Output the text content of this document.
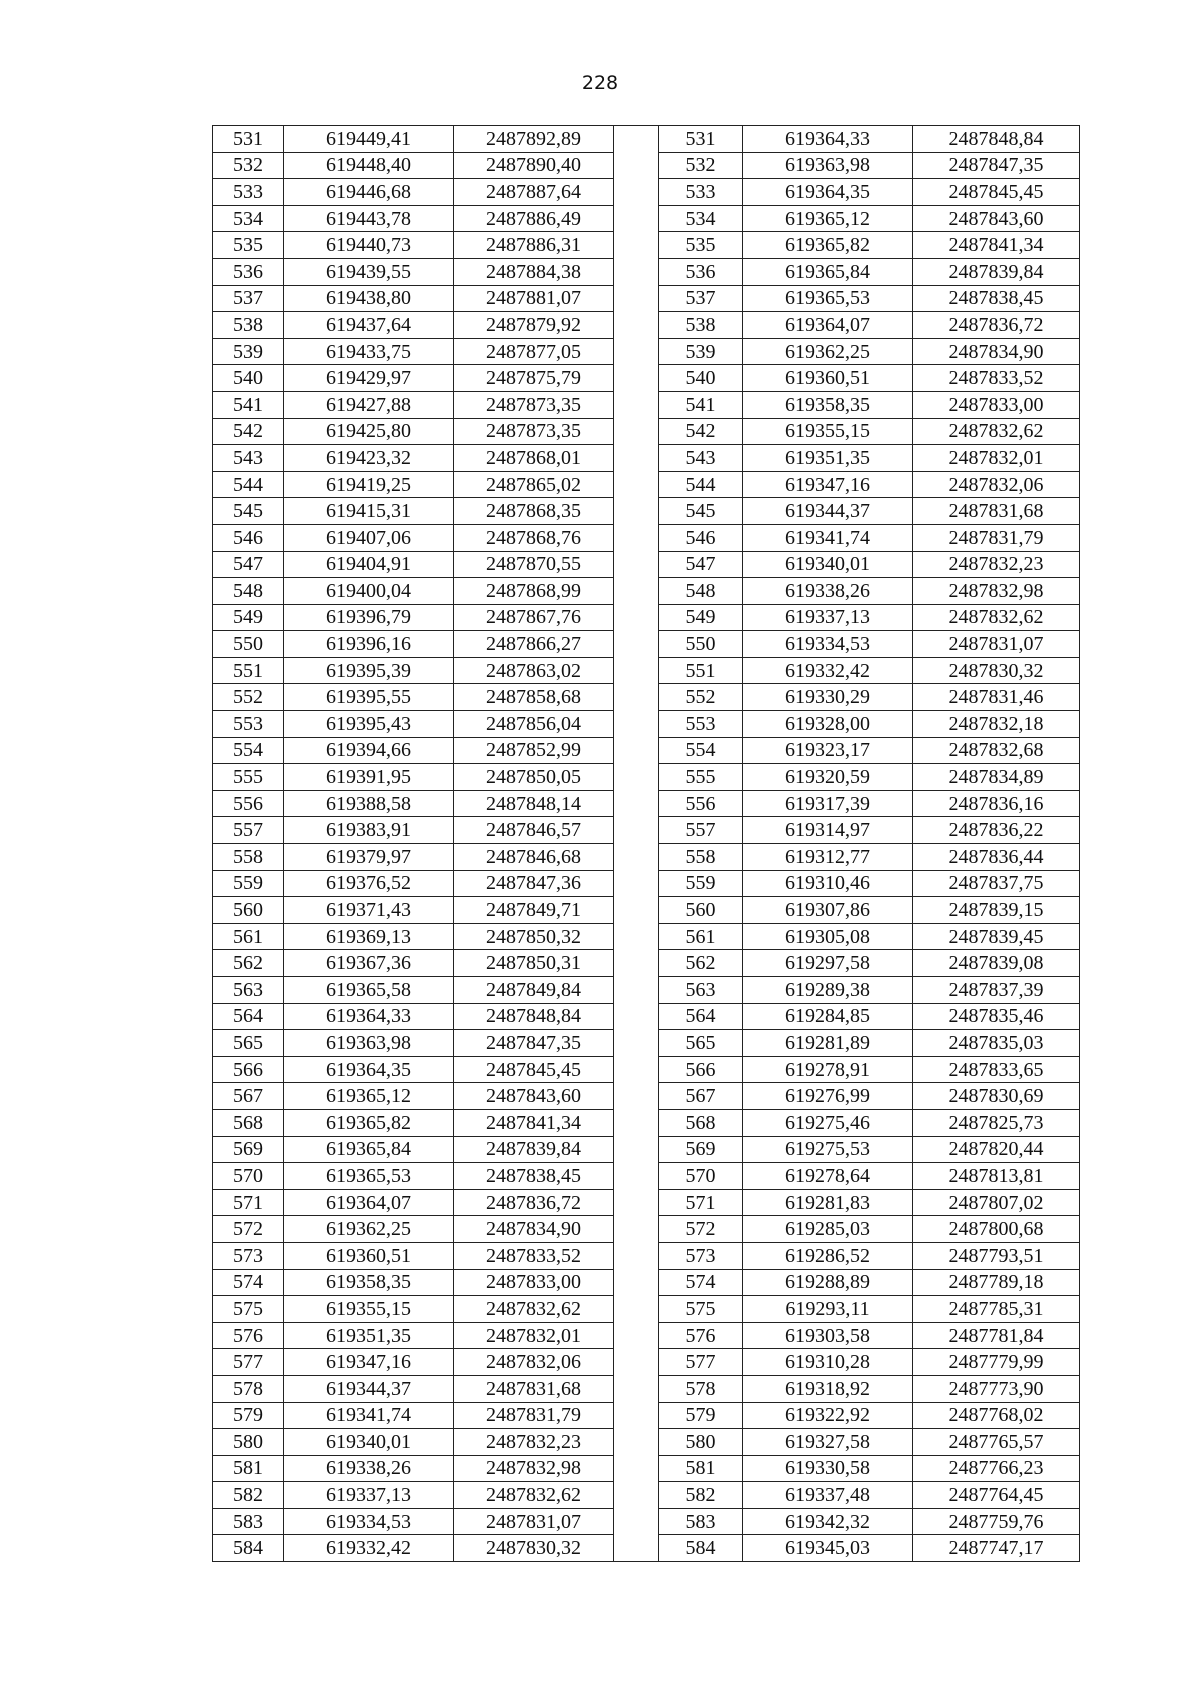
228
531	619449,41	2487892,89		531	619364,33	2487848,84
532	619448,40	2487890,40		532	619363,98	2487847,35
533	619446,68	2487887,64		533	619364,35	2487845,45
534	619443,78	2487886,49		534	619365,12	2487843,60
535	619440,73	2487886,31		535	619365,82	2487841,34
536	619439,55	2487884,38		536	619365,84	2487839,84
537	619438,80	2487881,07		537	619365,53	2487838,45
538	619437,64	2487879,92		538	619364,07	2487836,72
539	619433,75	2487877,05		539	619362,25	2487834,90
540	619429,97	2487875,79		540	619360,51	2487833,52
541	619427,88	2487873,35		541	619358,35	2487833,00
542	619425,80	2487873,35		542	619355,15	2487832,62
543	619423,32	2487868,01		543	619351,35	2487832,01
544	619419,25	2487865,02		544	619347,16	2487832,06
545	619415,31	2487868,35		545	619344,37	2487831,68
546	619407,06	2487868,76		546	619341,74	2487831,79
547	619404,91	2487870,55		547	619340,01	2487832,23
548	619400,04	2487868,99		548	619338,26	2487832,98
549	619396,79	2487867,76		549	619337,13	2487832,62
550	619396,16	2487866,27		550	619334,53	2487831,07
551	619395,39	2487863,02		551	619332,42	2487830,32
552	619395,55	2487858,68		552	619330,29	2487831,46
553	619395,43	2487856,04		553	619328,00	2487832,18
554	619394,66	2487852,99		554	619323,17	2487832,68
555	619391,95	2487850,05		555	619320,59	2487834,89
556	619388,58	2487848,14		556	619317,39	2487836,16
557	619383,91	2487846,57		557	619314,97	2487836,22
558	619379,97	2487846,68		558	619312,77	2487836,44
559	619376,52	2487847,36		559	619310,46	2487837,75
560	619371,43	2487849,71		560	619307,86	2487839,15
561	619369,13	2487850,32		561	619305,08	2487839,45
562	619367,36	2487850,31		562	619297,58	2487839,08
563	619365,58	2487849,84		563	619289,38	2487837,39
564	619364,33	2487848,84		564	619284,85	2487835,46
565	619363,98	2487847,35		565	619281,89	2487835,03
566	619364,35	2487845,45		566	619278,91	2487833,65
567	619365,12	2487843,60		567	619276,99	2487830,69
568	619365,82	2487841,34		568	619275,46	2487825,73
569	619365,84	2487839,84		569	619275,53	2487820,44
570	619365,53	2487838,45		570	619278,64	2487813,81
571	619364,07	2487836,72		571	619281,83	2487807,02
572	619362,25	2487834,90		572	619285,03	2487800,68
573	619360,51	2487833,52		573	619286,52	2487793,51
574	619358,35	2487833,00		574	619288,89	2487789,18
575	619355,15	2487832,62		575	619293,11	2487785,31
576	619351,35	2487832,01		576	619303,58	2487781,84
577	619347,16	2487832,06		577	619310,28	2487779,99
578	619344,37	2487831,68		578	619318,92	2487773,90
579	619341,74	2487831,79		579	619322,92	2487768,02
580	619340,01	2487832,23		580	619327,58	2487765,57
581	619338,26	2487832,98		581	619330,58	2487766,23
582	619337,13	2487832,62		582	619337,48	2487764,45
583	619334,53	2487831,07		583	619342,32	2487759,76
584	619332,42	2487830,32		584	619345,03	2487747,17
